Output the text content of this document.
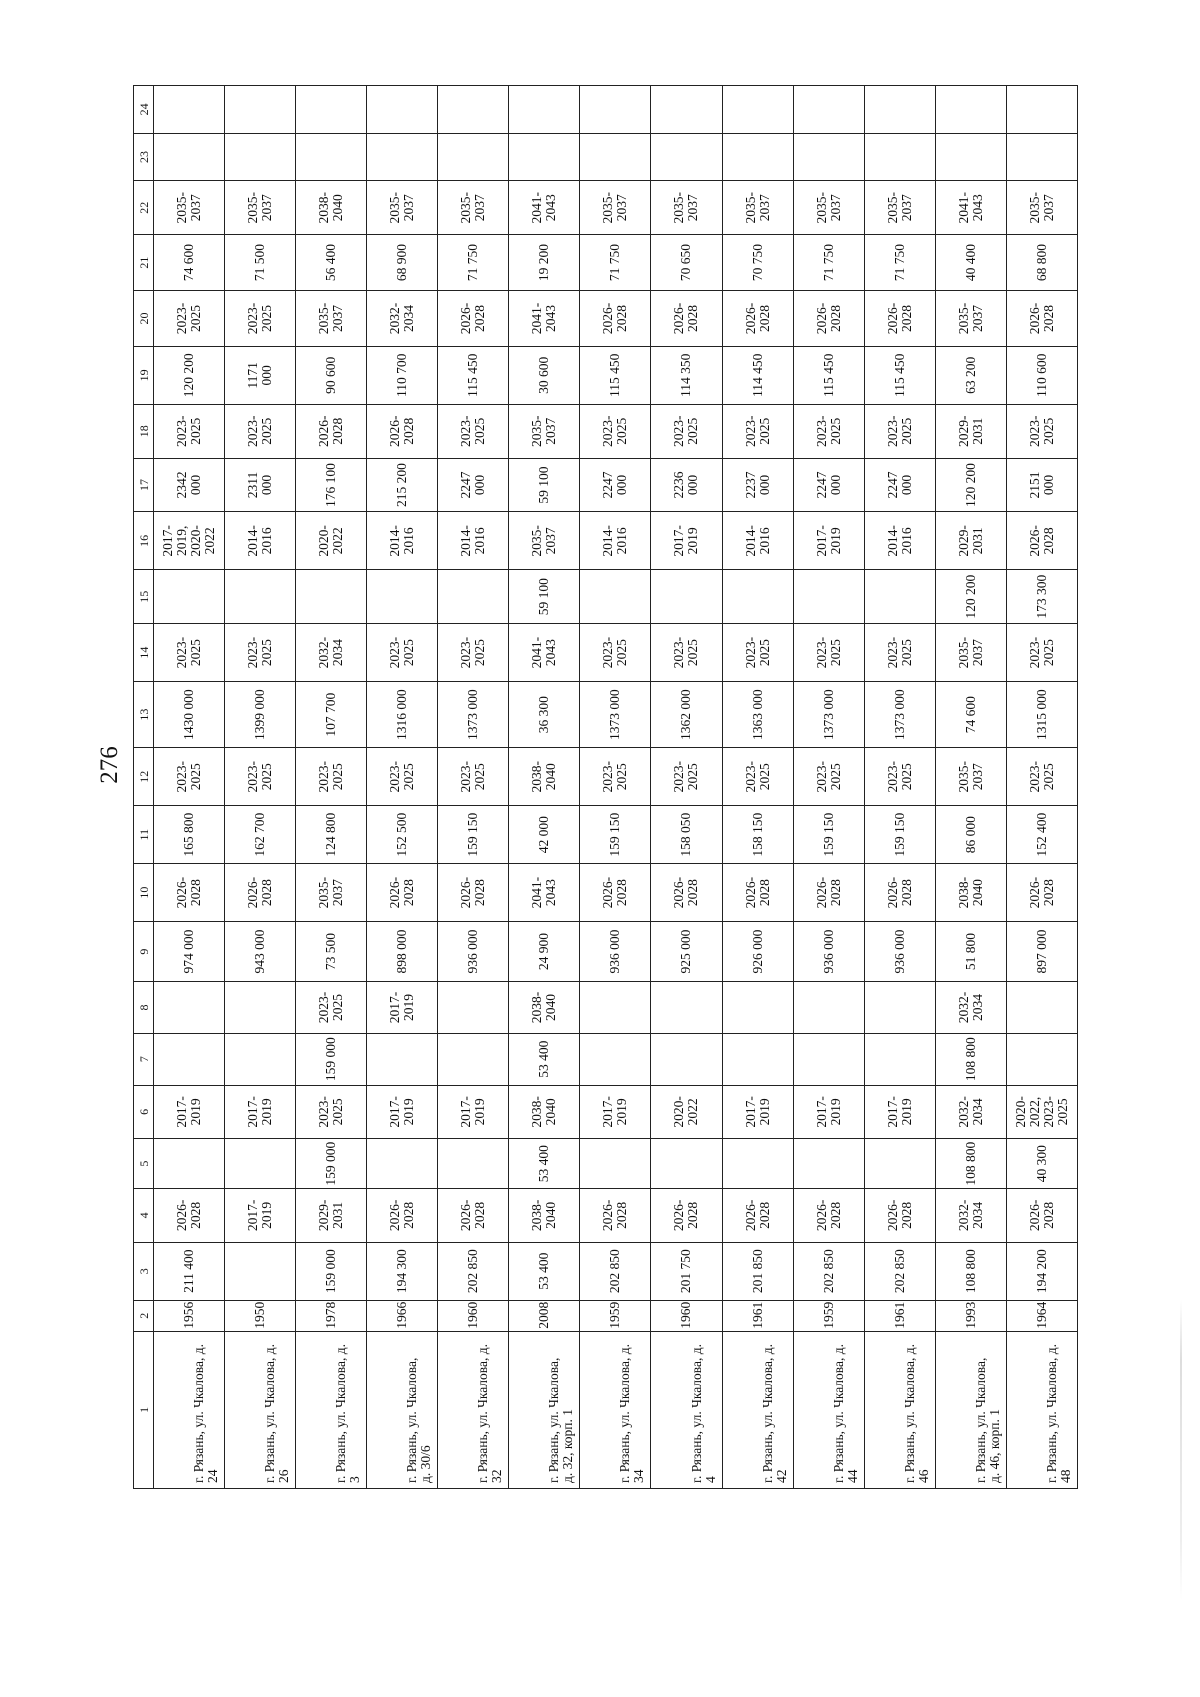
276
1	2	3	4	5	6	7	8	9	10	11	12	13	14	15	16	17	18	19	20	21	22	23	24
г. Рязань, ул. Чкалова, д. 24	1956	211 400	2026-
2028		2017-
2019			974 000	2026-
2028	165 800	2023-
2025	1430 000	2023-
2025		2017-
2019,
2020-
2022	2342
000	2023-
2025	120 200	2023-
2025	74 600	2035-
2037		
г. Рязань, ул. Чкалова, д. 26	1950		2017-
2019		2017-
2019			943 000	2026-
2028	162 700	2023-
2025	1399 000	2023-
2025		2014-
2016	2311
000	2023-
2025	1171
000	2023-
2025	71 500	2035-
2037		
г. Рязань, ул. Чкалова, д. 3	1978	159 000	2029-
2031	159 000	2023-
2025	159 000	2023-
2025	73 500	2035-
2037	124 800	2023-
2025	107 700	2032-
2034		2020-
2022	176 100	2026-
2028	90 600	2035-
2037	56 400	2038-
2040		
г. Рязань, ул. Чкалова,
д. 30/6	1966	194 300	2026-
2028		2017-
2019		2017-
2019	898 000	2026-
2028	152 500	2023-
2025	1316 000	2023-
2025		2014-
2016	215 200	2026-
2028	110 700	2032-
2034	68 900	2035-
2037		
г. Рязань, ул. Чкалова, д. 32	1960	202 850	2026-
2028		2017-
2019			936 000	2026-
2028	159 150	2023-
2025	1373 000	2023-
2025		2014-
2016	2247
000	2023-
2025	115 450	2026-
2028	71 750	2035-
2037		
г. Рязань, ул. Чкалова,
д. 32, корп. 1	2008	53 400	2038-
2040	53 400	2038-
2040	53 400	2038-
2040	24 900	2041-
2043	42 000	2038-
2040	36 300	2041-
2043	59 100	2035-
2037	59 100	2035-
2037	30 600	2041-
2043	19 200	2041-
2043		
г. Рязань, ул. Чкалова, д. 34	1959	202 850	2026-
2028		2017-
2019			936 000	2026-
2028	159 150	2023-
2025	1373 000	2023-
2025		2014-
2016	2247
000	2023-
2025	115 450	2026-
2028	71 750	2035-
2037		
г. Рязань, ул. Чкалова, д. 4	1960	201 750	2026-
2028		2020-
2022			925 000	2026-
2028	158 050	2023-
2025	1362 000	2023-
2025		2017-
2019	2236
000	2023-
2025	114 350	2026-
2028	70 650	2035-
2037		
г. Рязань, ул. Чкалова, д. 42	1961	201 850	2026-
2028		2017-
2019			926 000	2026-
2028	158 150	2023-
2025	1363 000	2023-
2025		2014-
2016	2237
000	2023-
2025	114 450	2026-
2028	70 750	2035-
2037		
г. Рязань, ул. Чкалова, д. 44	1959	202 850	2026-
2028		2017-
2019			936 000	2026-
2028	159 150	2023-
2025	1373 000	2023-
2025		2017-
2019	2247
000	2023-
2025	115 450	2026-
2028	71 750	2035-
2037		
г. Рязань, ул. Чкалова, д. 46	1961	202 850	2026-
2028		2017-
2019			936 000	2026-
2028	159 150	2023-
2025	1373 000	2023-
2025		2014-
2016	2247
000	2023-
2025	115 450	2026-
2028	71 750	2035-
2037		
г. Рязань, ул. Чкалова,
д. 46, корп. 1	1993	108 800	2032-
2034	108 800	2032-
2034	108 800	2032-
2034	51 800	2038-
2040	86 000	2035-
2037	74 600	2035-
2037	120 200	2029-
2031	120 200	2029-
2031	63 200	2035-
2037	40 400	2041-
2043		
г. Рязань, ул. Чкалова, д. 48	1964	194 200	2026-
2028	40 300	2020-
2022,
2023-
2025			897 000	2026-
2028	152 400	2023-
2025	1315 000	2023-
2025	173 300	2026-
2028	2151
000	2023-
2025	110 600	2026-
2028	68 800	2035-
2037		
